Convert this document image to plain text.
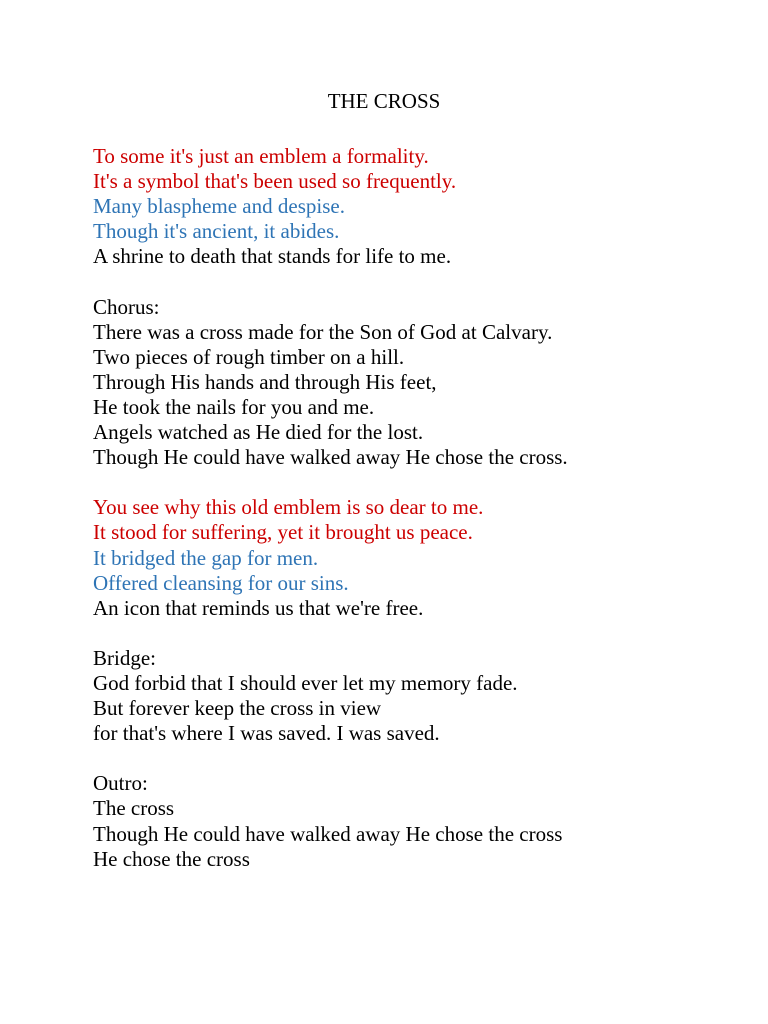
THE CROSS
To some it's just an emblem a formality.
It's a symbol that's been used so frequently.
Many blaspheme and despise.
Though it's ancient, it abides.
A shrine to death that stands for life to me.
Chorus:
There was a cross made for the Son of God at Calvary.
Two pieces of rough timber on a hill.
Through His hands and through His feet,
He took the nails for you and me.
Angels watched as He died for the lost.
Though He could have walked away He chose the cross.
You see why this old emblem is so dear to me.
It stood for suffering, yet it brought us peace.
It bridged the gap for men.
Offered cleansing for our sins.
An icon that reminds us that we're free.
Bridge:
God forbid that I should ever let my memory fade.
But forever keep the cross in view
for that's where I was saved. I was saved.
Outro:
The cross
Though He could have walked away He chose the cross
He chose the cross
